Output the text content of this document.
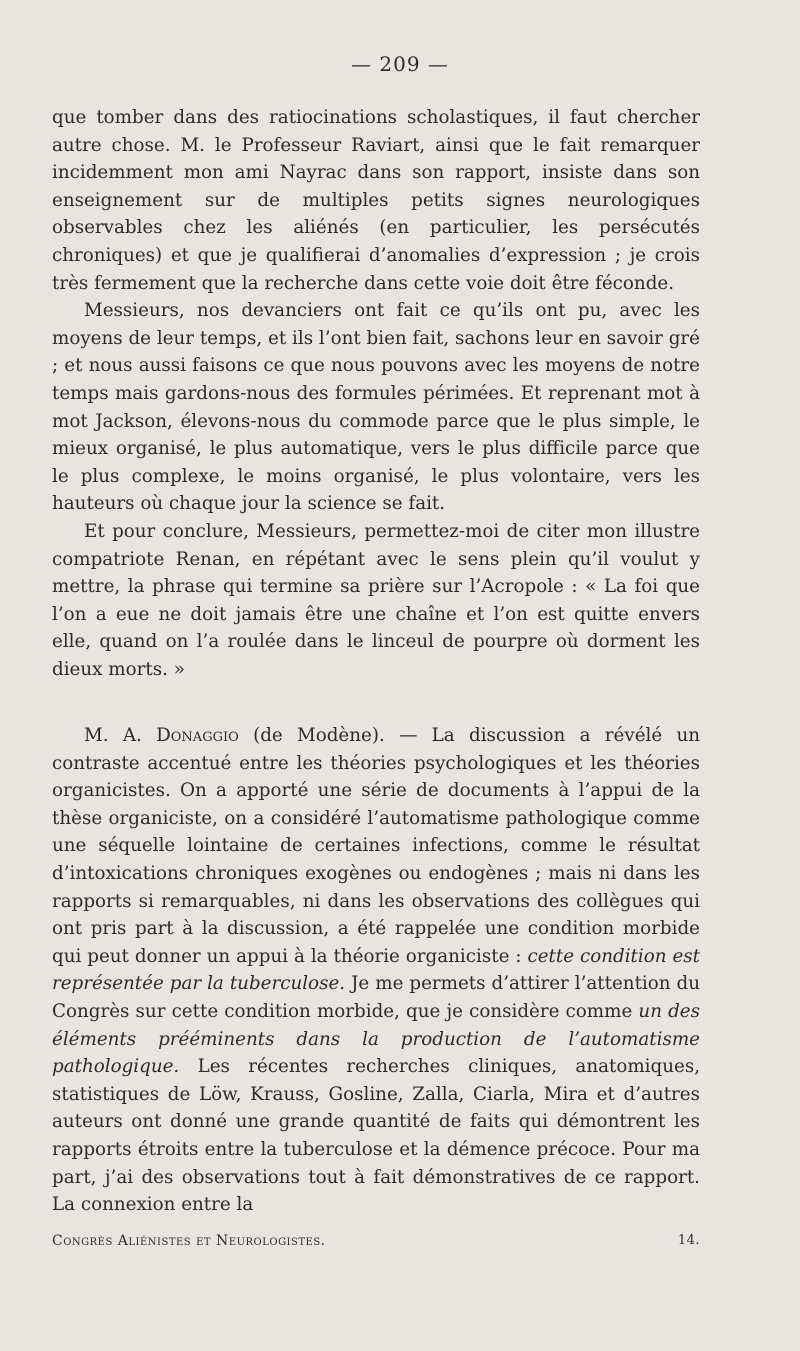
— 209 —

que tomber dans des ratiocinations scholastiques, il faut chercher autre chose. M. le Professeur Raviart, ainsi que le fait remarquer incidemment mon ami Nayrac dans son rapport, insiste dans son enseignement sur de multiples petits signes neurologiques observables chez les aliénés (en particulier, les persécutés chroniques) et que je qualifierai d’anomalies d’expression ; je crois très fermement que la recherche dans cette voie doit être féconde.

Messieurs, nos devanciers ont fait ce qu’ils ont pu, avec les moyens de leur temps, et ils l’ont bien fait, sachons leur en savoir gré ; et nous aussi faisons ce que nous pouvons avec les moyens de notre temps mais gardons-nous des formules périmées. Et reprenant mot à mot Jackson, élevons-nous du commode parce que le plus simple, le mieux organisé, le plus automatique, vers le plus difficile parce que le plus complexe, le moins organisé, le plus volontaire, vers les hauteurs où chaque jour la science se fait.

Et pour conclure, Messieurs, permettez-moi de citer mon illustre compatriote Renan, en répétant avec le sens plein qu’il voulut y mettre, la phrase qui termine sa prière sur l’Acropole : « La foi que l’on a eue ne doit jamais être une chaîne et l’on est quitte envers elle, quand on l’a roulée dans le linceul de pourpre où dorment les dieux morts. »

M. A. Donaggio (de Modène). — La discussion a révélé un contraste accentué entre les théories psychologiques et les théories organicistes. On a apporté une série de documents à l’appui de la thèse organiciste, on a considéré l’automatisme pathologique comme une séquelle lointaine de certaines infections, comme le résultat d’intoxications chroniques exogènes ou endogènes ; mais ni dans les rapports si remarquables, ni dans les observations des collègues qui ont pris part à la discussion, a été rappelée une condition morbide qui peut donner un appui à la théorie organiciste : cette condition est représentée par la tuberculose. Je me permets d’attirer l’attention du Congrès sur cette condition morbide, que je considère comme un des éléments prééminents dans la production de l’automatisme pathologique. Les récentes recherches cliniques, anatomiques, statistiques de Löw, Krauss, Gosline, Zalla, Ciarla, Mira et d’autres auteurs ont donné une grande quantité de faits qui démontrent les rapports étroits entre la tuberculose et la démence précoce. Pour ma part, j’ai des observations tout à fait démonstratives de ce rapport. La connexion entre la

Congrès Aliénistes et Neurologistes.	14.
